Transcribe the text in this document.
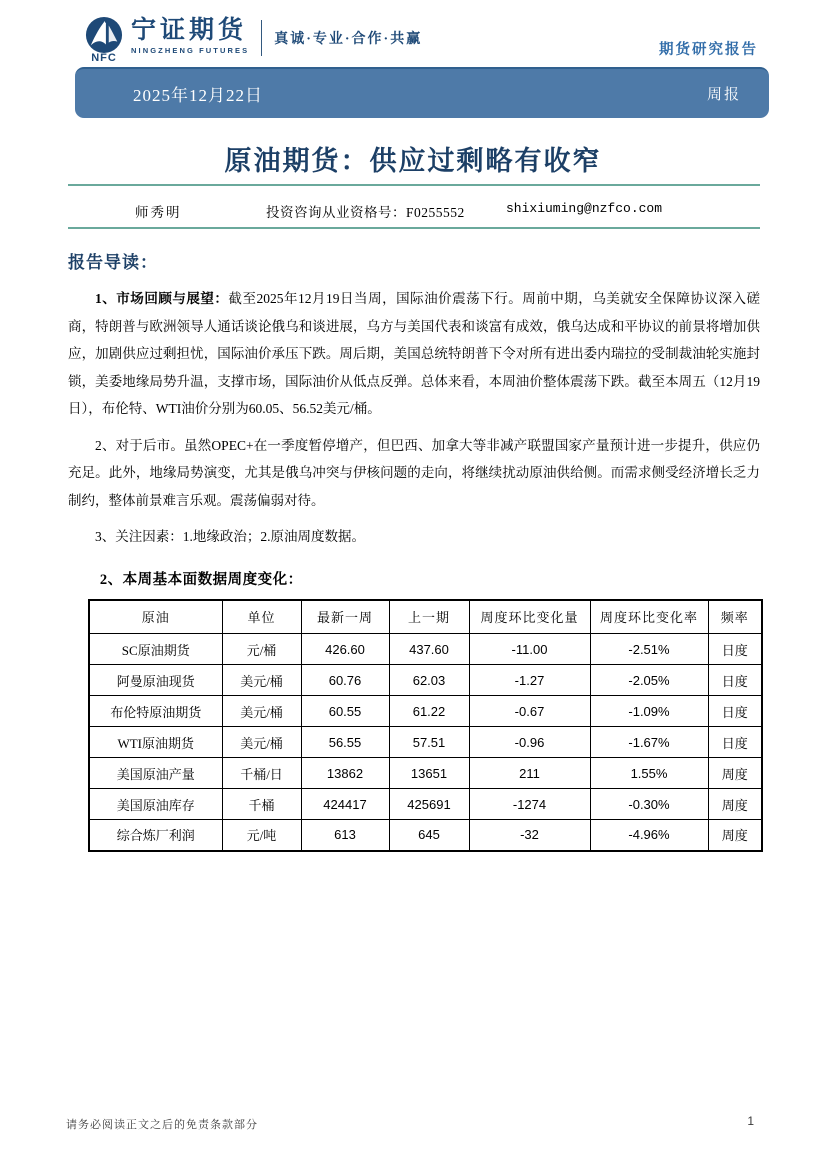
NFC
宁证期货
NINGZHENG FUTURES
真诚·专业·合作·共赢
期货研究报告
2025年12月22日	周报
原油期货：供应过剩略有收窄
师秀明	投资咨询从业资格号：F0255552	shixiuming@nzfco.com
报告导读：

1、市场回顾与展望：截至2025年12月19日当周，国际油价震荡下行。周前中期，乌美就安全保障协议深入磋商，特朗普与欧洲领导人通话谈论俄乌和谈进展，乌方与美国代表和谈富有成效，俄乌达成和平协议的前景将增加供应，加剧供应过剩担忧，国际油价承压下跌。周后期，美国总统特朗普下令对所有进出委内瑞拉的受制裁油轮实施封锁，美委地缘局势升温，支撑市场，国际油价从低点反弹。总体来看，本周油价整体震荡下跌。截至本周五（12月19日），布伦特、WTI油价分别为60.05、56.52美元/桶。

2、对于后市。虽然OPEC+在一季度暂停增产，但巴西、加拿大等非减产联盟国家产量预计进一步提升，供应仍充足。此外，地缘局势演变，尤其是俄乌冲突与伊核问题的走向，将继续扰动原油供给侧。而需求侧受经济增长乏力制约，整体前景难言乐观。震荡偏弱对待。

3、关注因素：1.地缘政治；2.原油周度数据。

2、本周基本面数据周度变化：
原油	单位	最新一周	上一期	周度环比变化量	周度环比变化率	频率
SC原油期货	元/桶	426.60	437.60	-11.00	-2.51%	日度
阿曼原油现货	美元/桶	60.76	62.03	-1.27	-2.05%	日度
布伦特原油期货	美元/桶	60.55	61.22	-0.67	-1.09%	日度
WTI原油期货	美元/桶	56.55	57.51	-0.96	-1.67%	日度
美国原油产量	千桶/日	13862	13651	211	1.55%	周度
美国原油库存	千桶	424417	425691	-1274	-0.30%	周度
综合炼厂利润	元/吨	613	645	-32	-4.96%	周度
请务必阅读正文之后的免责条款部分	1
